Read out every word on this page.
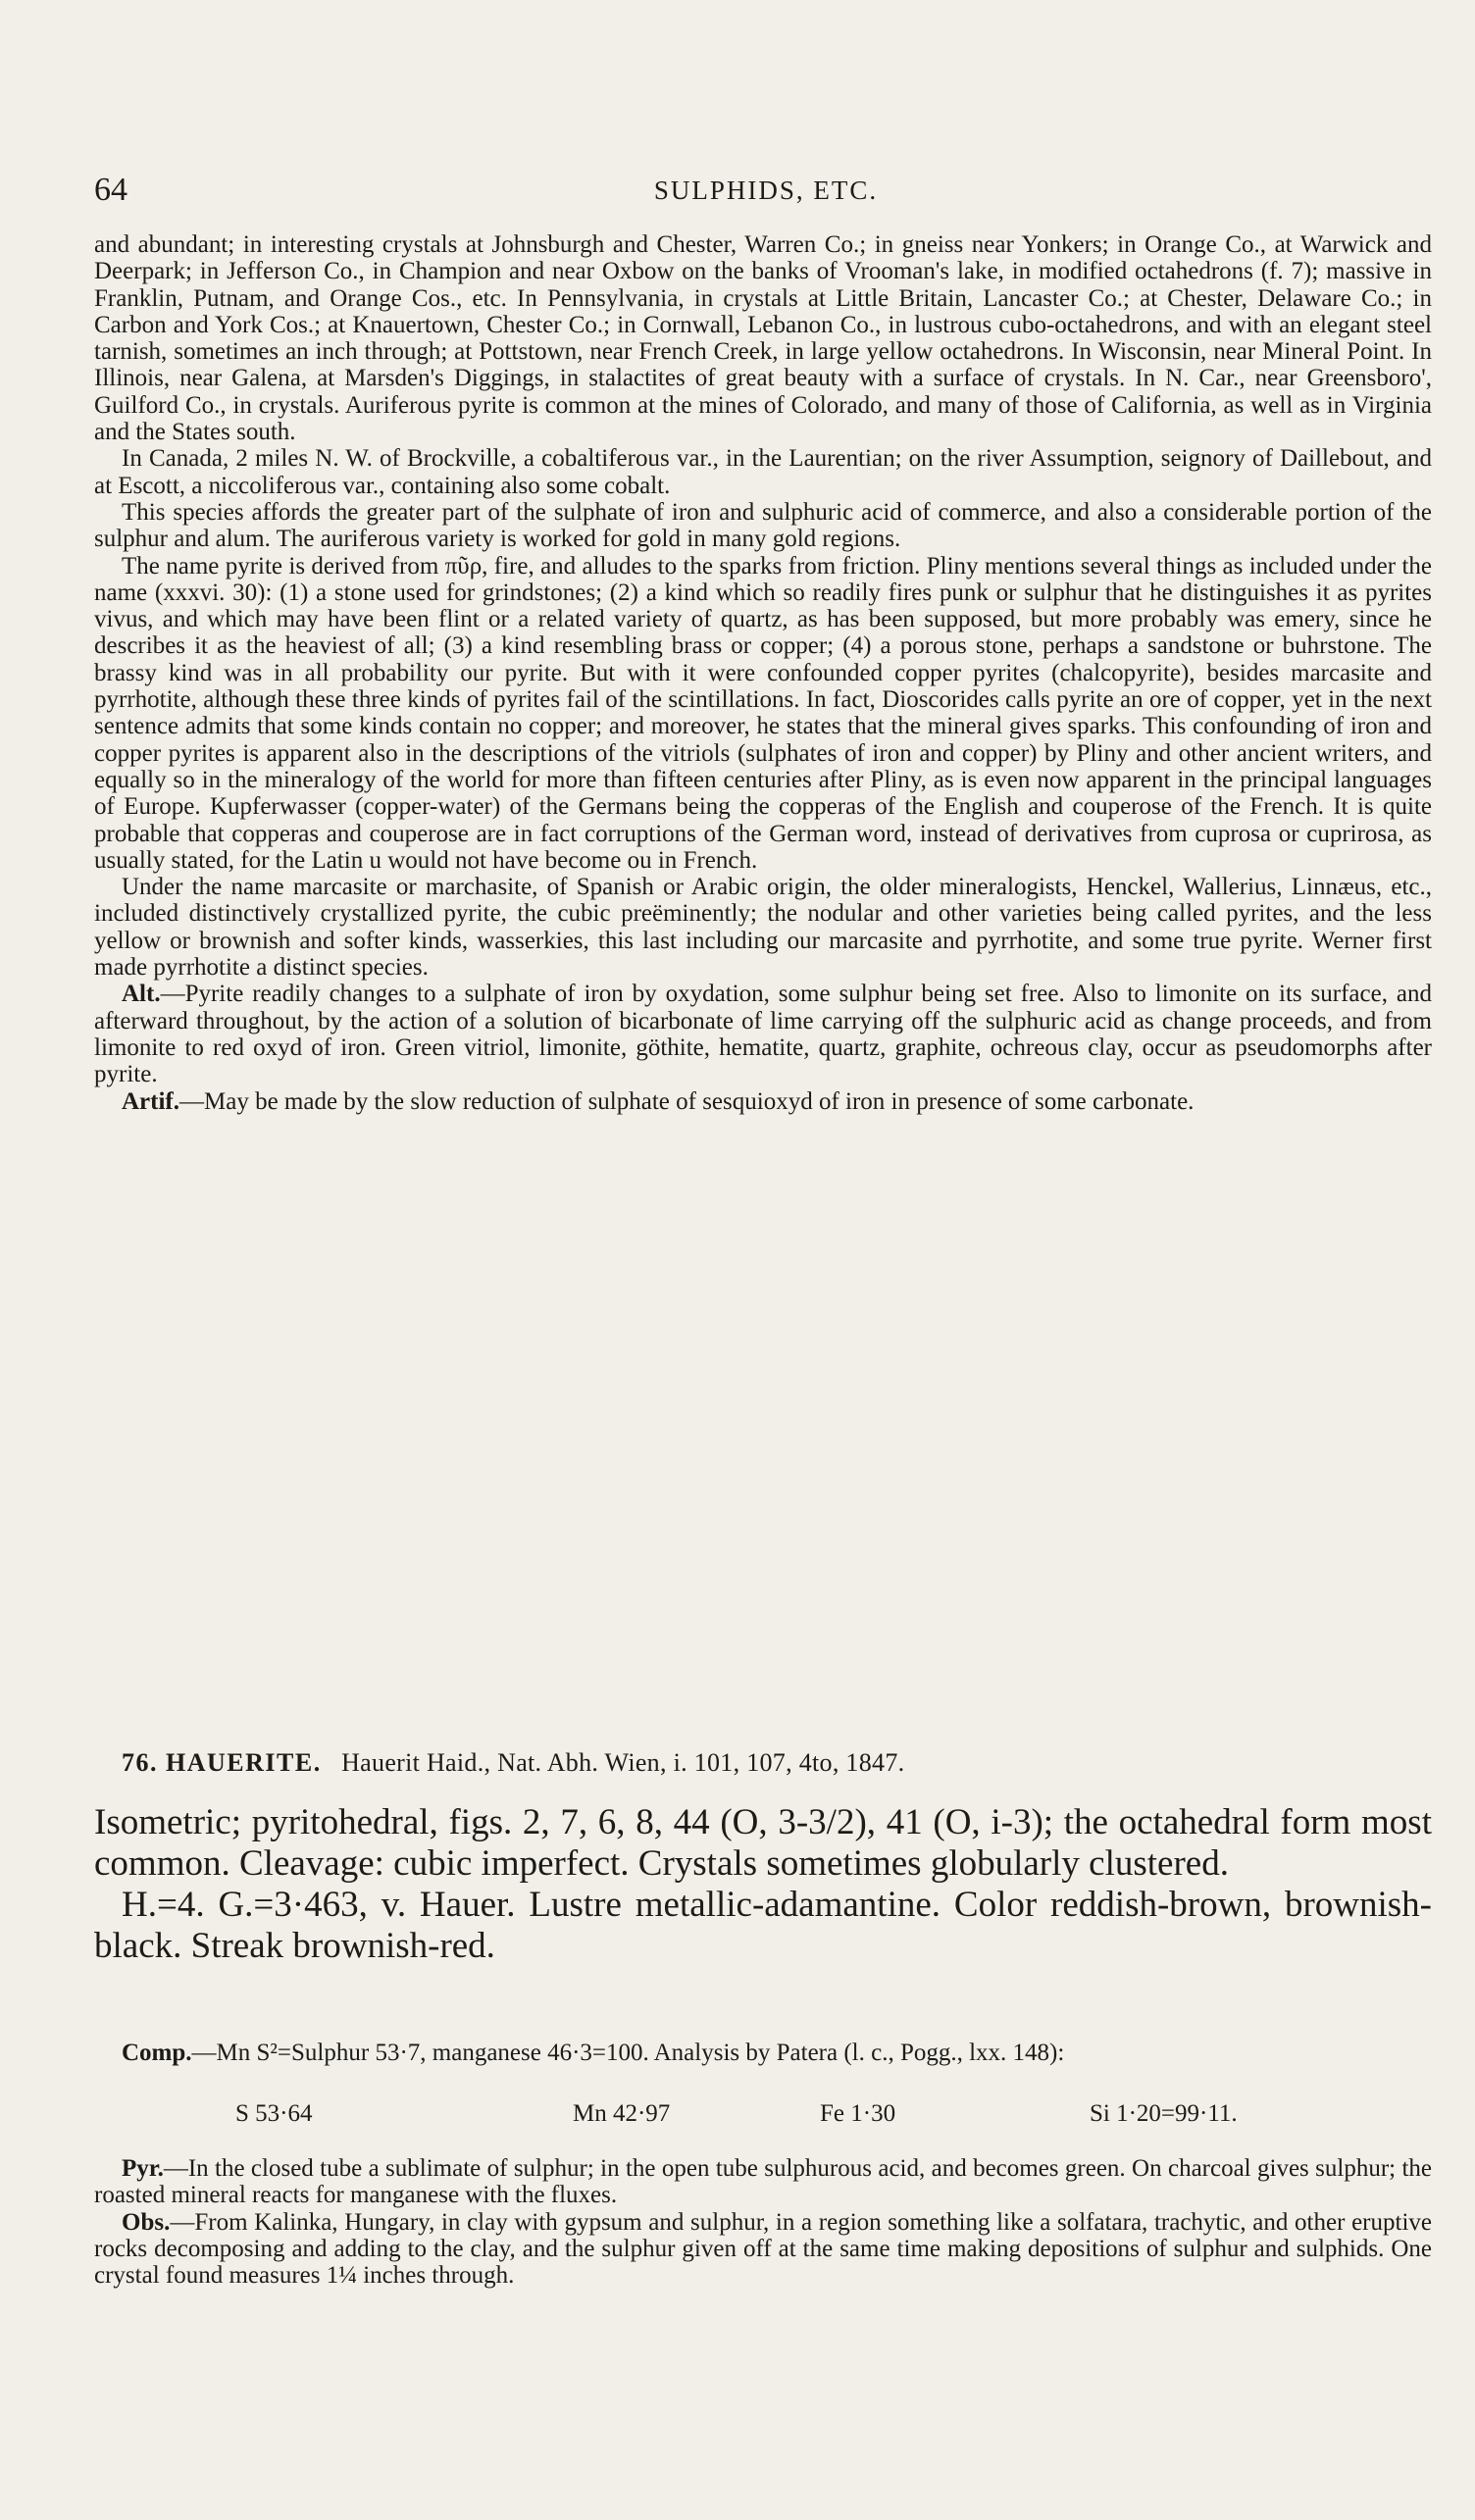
64	SULPHIDS, ETC.

and abundant; in interesting crystals at Johnsburgh and Chester, Warren Co.; in gneiss near Yonkers; in Orange Co., at Warwick and Deerpark; in Jefferson Co., in Champion and near Oxbow on the banks of Vrooman's lake, in modified octahedrons (f. 7); massive in Franklin, Putnam, and Orange Cos., etc. In Pennsylvania, in crystals at Little Britain, Lancaster Co.; at Chester, Delaware Co.; in Carbon and York Cos.; at Knauertown, Chester Co.; in Cornwall, Lebanon Co., in lustrous cubo-octahedrons, and with an elegant steel tarnish, sometimes an inch through; at Pottstown, near French Creek, in large yellow octahedrons. In Wisconsin, near Mineral Point. In Illinois, near Galena, at Marsden's Diggings, in stalactites of great beauty with a surface of crystals. In N. Car., near Greensboro', Guilford Co., in crystals. Auriferous pyrite is common at the mines of Colorado, and many of those of California, as well as in Virginia and the States south.

In Canada, 2 miles N. W. of Brockville, a cobaltiferous var., in the Laurentian; on the river Assumption, seignory of Daillebout, and at Escott, a niccoliferous var., containing also some cobalt.

This species affords the greater part of the sulphate of iron and sulphuric acid of commerce, and also a considerable portion of the sulphur and alum. The auriferous variety is worked for gold in many gold regions.

The name pyrite is derived from πῦρ, fire, and alludes to the sparks from friction. Pliny mentions several things as included under the name (xxxvi. 30): (1) a stone used for grindstones; (2) a kind which so readily fires punk or sulphur that he distinguishes it as pyrites vivus, and which may have been flint or a related variety of quartz, as has been supposed, but more probably was emery, since he describes it as the heaviest of all; (3) a kind resembling brass or copper; (4) a porous stone, perhaps a sandstone or buhrstone. The brassy kind was in all probability our pyrite. But with it were confounded copper pyrites (chalcopyrite), besides marcasite and pyrrhotite, although these three kinds of pyrites fail of the scintillations. In fact, Dioscorides calls pyrite an ore of copper, yet in the next sentence admits that some kinds contain no copper; and moreover, he states that the mineral gives sparks. This confounding of iron and copper pyrites is apparent also in the descriptions of the vitriols (sulphates of iron and copper) by Pliny and other ancient writers, and equally so in the mineralogy of the world for more than fifteen centuries after Pliny, as is even now apparent in the principal languages of Europe. Kupferwasser (copper-water) of the Germans being the copperas of the English and couperose of the French. It is quite probable that copperas and couperose are in fact corruptions of the German word, instead of derivatives from cuprosa or cuprirosa, as usually stated, for the Latin u would not have become ou in French.

Under the name marcasite or marchasite, of Spanish or Arabic origin, the older mineralogists, Henckel, Wallerius, Linnæus, etc., included distinctively crystallized pyrite, the cubic preëminently; the nodular and other varieties being called pyrites, and the less yellow or brownish and softer kinds, wasserkies, this last including our marcasite and pyrrhotite, and some true pyrite. Werner first made pyrrhotite a distinct species.

Alt.—Pyrite readily changes to a sulphate of iron by oxydation, some sulphur being set free. Also to limonite on its surface, and afterward throughout, by the action of a solution of bicarbonate of lime carrying off the sulphuric acid as change proceeds, and from limonite to red oxyd of iron. Green vitriol, limonite, göthite, hematite, quartz, graphite, ochreous clay, occur as pseudomorphs after pyrite.

Artif.—May be made by the slow reduction of sulphate of sesquioxyd of iron in presence of some carbonate.

76. HAUERITE. Hauerit Haid., Nat. Abh. Wien, i. 101, 107, 4to, 1847.

Isometric; pyritohedral, figs. 2, 7, 6, 8, 44 (O, 3-3/2), 41 (O, i-3); the octahedral form most common. Cleavage: cubic imperfect. Crystals sometimes globularly clustered.

H.=4. G.=3·463, v. Hauer. Lustre metallic-adamantine. Color reddish-brown, brownish-black. Streak brownish-red.

Comp.—Mn S²=Sulphur 53·7, manganese 46·3=100. Analysis by Patera (l. c., Pogg., lxx. 148):

S 53·64	Mn 42·97	Fe 1·30	Si 1·20=99·11.

Pyr.—In the closed tube a sublimate of sulphur; in the open tube sulphurous acid, and becomes green. On charcoal gives sulphur; the roasted mineral reacts for manganese with the fluxes.

Obs.—From Kalinka, Hungary, in clay with gypsum and sulphur, in a region something like a solfatara, trachytic, and other eruptive rocks decomposing and adding to the clay, and the sulphur given off at the same time making depositions of sulphur and sulphids. One crystal found measures 1¼ inches through.
